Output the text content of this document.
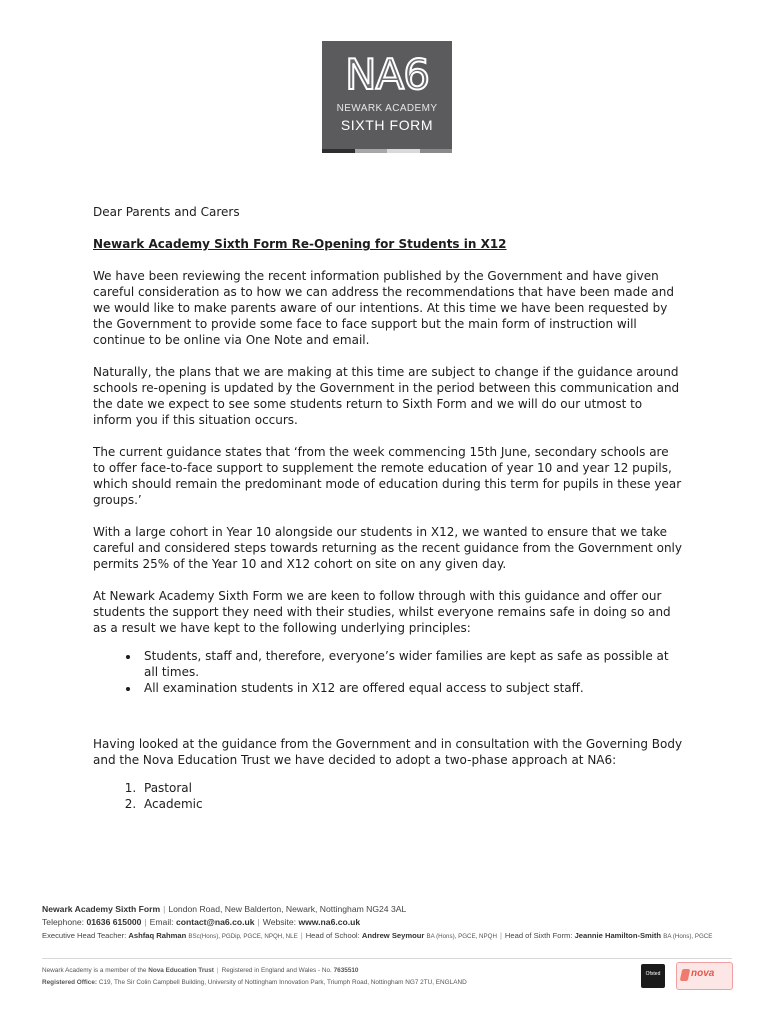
NA6
NEWARK ACADEMY
SIXTH FORM

Dear Parents and Carers

Newark Academy Sixth Form Re-Opening for Students in X12

We have been reviewing the recent information published by the Government and have given careful consideration as to how we can address the recommendations that have been made and we would like to make parents aware of our intentions. At this time we have been requested by the Government to provide some face to face support but the main form of instruction will continue to be online via One Note and email.

Naturally, the plans that we are making at this time are subject to change if the guidance around schools re-opening is updated by the Government in the period between this communication and the date we expect to see some students return to Sixth Form and we will do our utmost to inform you if this situation occurs.

The current guidance states that ‘from the week commencing 15th June, secondary schools are to offer face-to-face support to supplement the remote education of year 10 and year 12 pupils, which should remain the predominant mode of education during this term for pupils in these year groups.’

With a large cohort in Year 10 alongside our students in X12, we wanted to ensure that we take careful and considered steps towards returning as the recent guidance from the Government only permits 25% of the Year 10 and X12 cohort on site on any given day.

At Newark Academy Sixth Form we are keen to follow through with this guidance and offer our students the support they need with their studies, whilst everyone remains safe in doing so and as a result we have kept to the following underlying principles:

• Students, staff and, therefore, everyone’s wider families are kept as safe as possible at all times.
• All examination students in X12 are offered equal access to subject staff.

Having looked at the guidance from the Government and in consultation with the Governing Body and the Nova Education Trust we have decided to adopt a two-phase approach at NA6:

1. Pastoral
2. Academic
Newark Academy Sixth Form | London Road, New Balderton, Newark, Nottingham NG24 3AL
Telephone: 01636 615000 | Email: contact@na6.co.uk | Website: www.na6.co.uk
Executive Head Teacher: Ashfaq Rahman BSc(Hons), PGDip, PGCE, NPQH, NLE | Head of School: Andrew Seymour BA (Hons), PGCE, NPQH | Head of Sixth Form: Jeannie Hamilton-Smith BA (Hons), PGCE
Newark Academy is a member of the Nova Education Trust | Registered in England and Wales - No. 7635510
Registered Office: C19, The Sir Colin Campbell Building, University of Nottingham Innovation Park, Triumph Road, Nottingham NG7 2TU, ENGLAND
Ofsted	nova
